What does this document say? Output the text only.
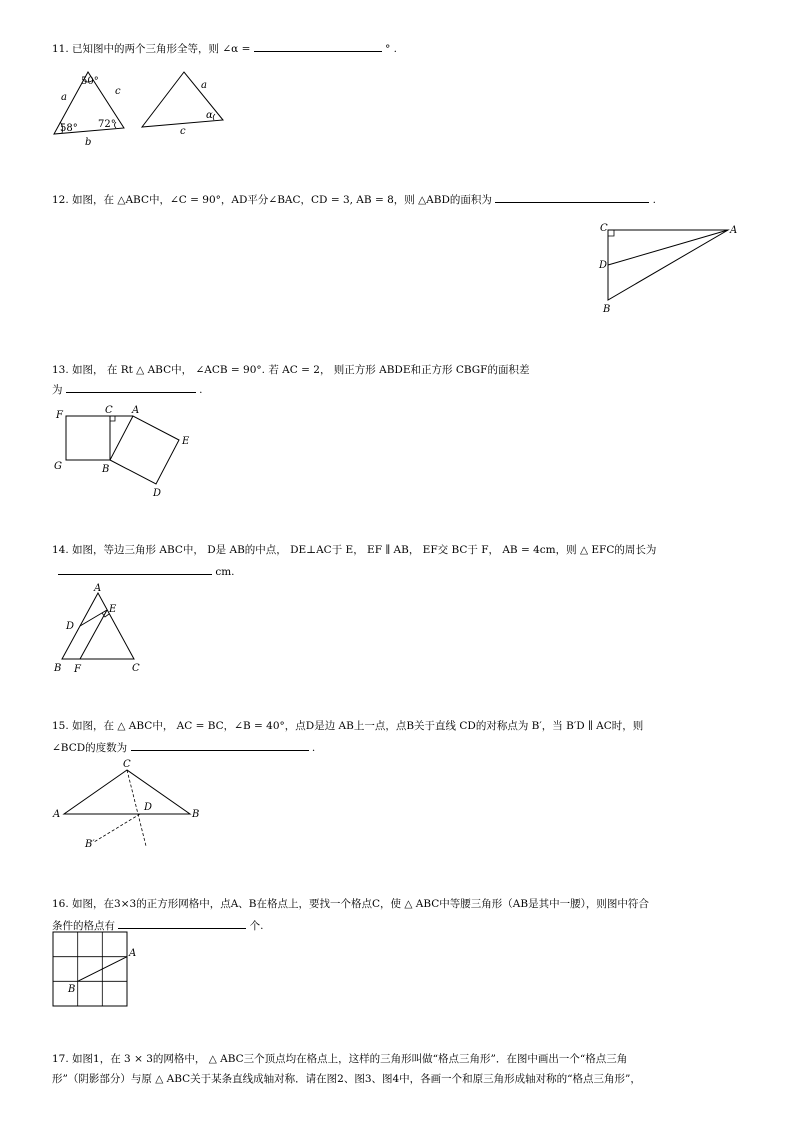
11. 已知图中的两个三角形全等，则 ∠α =	° .
50°
58° 72°
a
c
b
a
c
α
12. 如图，在 △ABC中，∠C = 90°，AD平分∠BAC，CD = 3, AB = 8，则 △ABD的面积为	.
C	A
D
B
13. 如图， 在 Rt △ ABC中， ∠ACB = 90°. 若 AC = 2， 则正方形 ABDE和正方形 CBGF的面积差
为	.
F	C A
E
G	B
D
14. 如图，等边三角形 ABC中， D是 AB的中点， DE⊥AC于 E， EF ∥ AB， EF交 BC于 F， AB = 4cm，则 △ EFC的周长为
cm.
A
E
D
B F	C
15. 如图，在 △ ABC中， AC = BC，∠B = 40°，点D是边 AB上一点，点B关于直线 CD的对称点为 B′，当 B′D ∥ AC时，则
∠BCD的度数为	.
C
A
D
B
B′
16. 如图，在3×3的正方形网格中，点A、B在格点上，要找一个格点C，使 △ ABC中等腰三角形（AB是其中一腰），则图中符合
条件的格点有	个.
A
B
17. 如图1，在 3 × 3的网格中， △ ABC三个顶点均在格点上，这样的三角形叫做“格点三角形”．在图中画出一个“格点三角
形”（阴影部分）与原 △ ABC关于某条直线成轴对称．请在图2、图3、图4中，各画一个和原三角形成轴对称的“格点三角形”，
